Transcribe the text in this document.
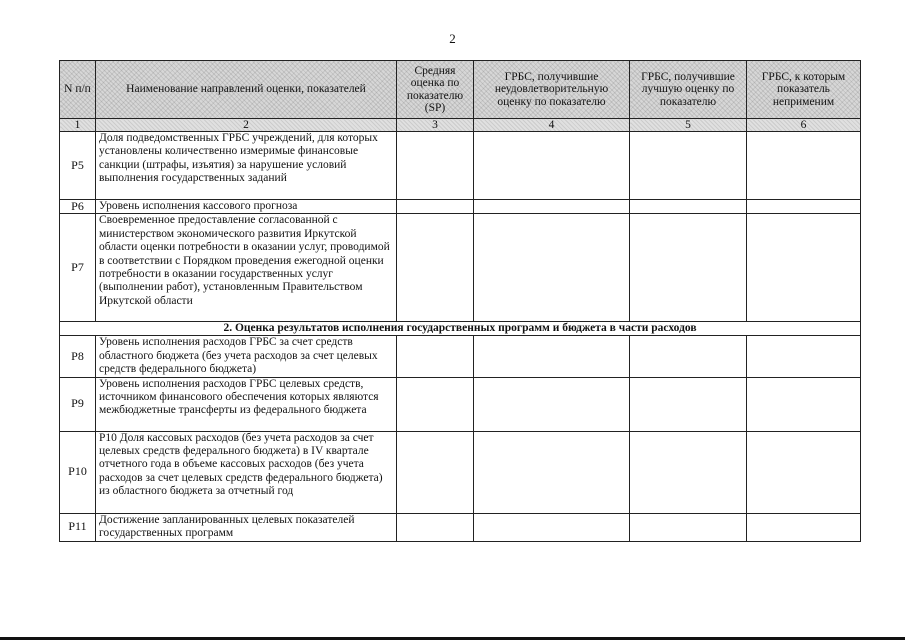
2
N п/п	Наименование направлений оценки, показателей	Средняя оценка по показателю (SP)	ГРБС, получившие неудовлетворительную оценку по показателю	ГРБС, получившие лучшую оценку по показателю	ГРБС, к которым показатель неприменим
1	2	3	4	5	6
P5	Доля подведомственных ГРБС учреждений, для которых установлены количественно измеримые финансовые санкции (штрафы, изъятия) за нарушение условий выполнения государственных заданий				
P6	Уровень исполнения кассового прогноза				
P7	Своевременное предоставление согласованной с министерством экономического развития Иркутской области оценки потребности в оказании услуг, проводимой в соответствии с Порядком проведения ежегодной оценки потребности в оказании государственных услуг (выполнении работ), установленным Правительством Иркутской области				
2. Оценка результатов исполнения государственных программ и бюджета в части расходов					
P8	Уровень исполнения расходов ГРБС за счет средств областного бюджета (без учета расходов за счет целевых средств федерального бюджета)				
P9	Уровень исполнения расходов ГРБС целевых средств, источником финансового обеспечения которых являются межбюджетные трансферты из федерального бюджета				
P10	P10 Доля кассовых расходов (без учета расходов за счет целевых средств федерального бюджета) в IV квартале отчетного года в объеме кассовых расходов (без учета расходов за счет целевых средств федерального бюджета) из областного бюджета за отчетный год				
P11	Достижение запланированных целевых показателей государственных программ				
